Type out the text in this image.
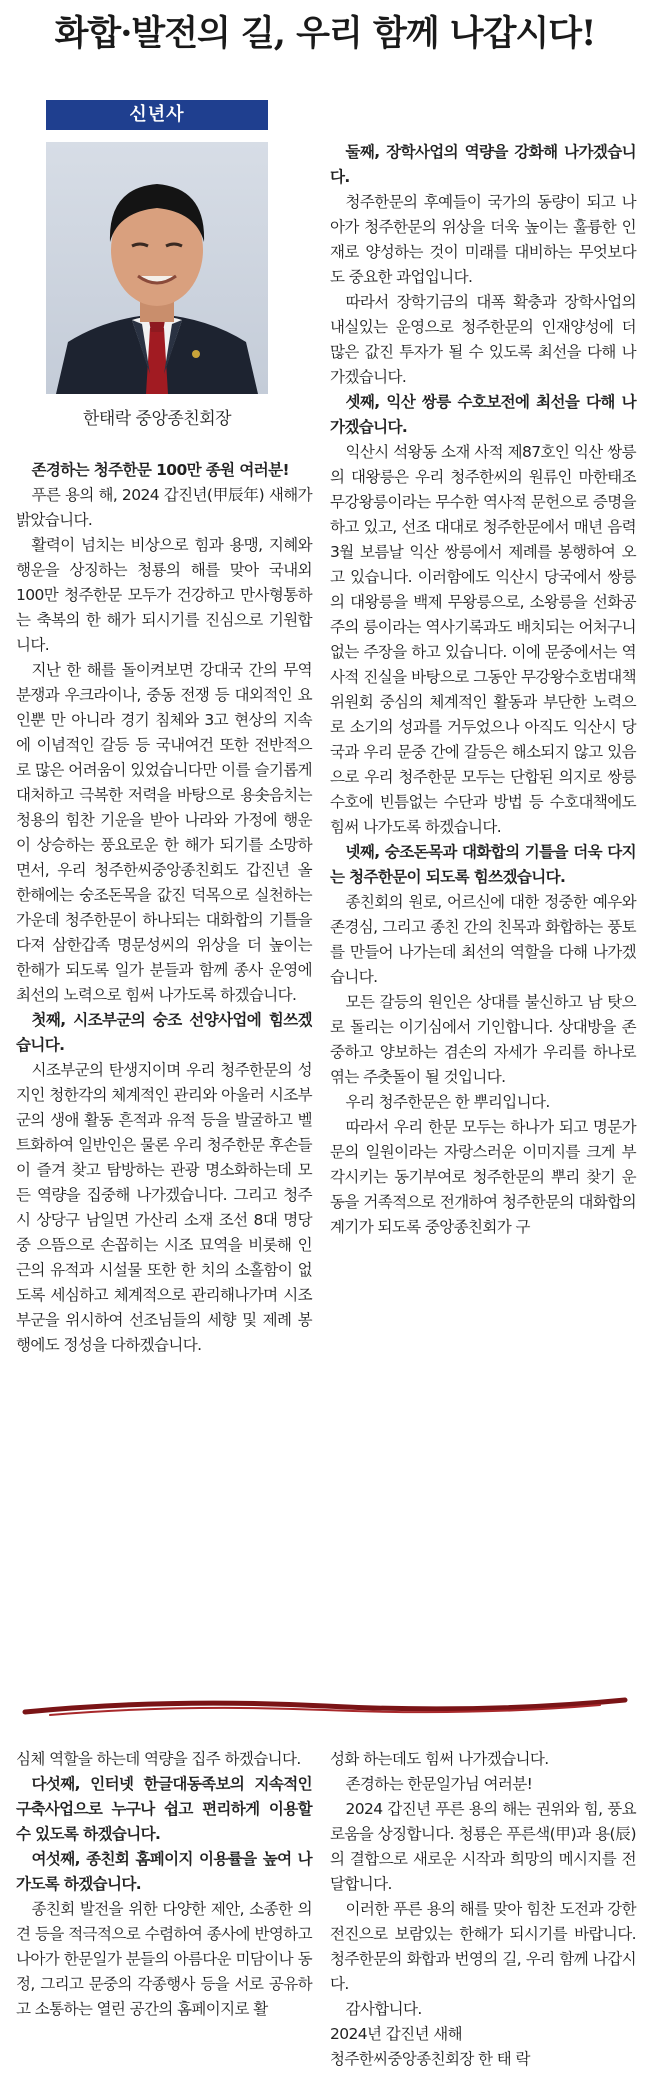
화합·발전의 길, 우리 함께 나갑시다!
신년사
한태락 중앙종친회장

존경하는 청주한문 100만 종원 여러분!

푸른 용의 해, 2024 갑진년(甲辰年) 새해가 밝았습니다.

활력이 넘치는 비상으로 힘과 용맹, 지혜와 행운을 상징하는 청룡의 해를 맞아 국내외 100만 청주한문 모두가 건강하고 만사형통하는 축복의 한 해가 되시기를 진심으로 기원합니다.

지난 한 해를 돌이켜보면 강대국 간의 무역 분쟁과 우크라이나, 중동 전쟁 등 대외적인 요인뿐 만 아니라 경기 침체와 3고 현상의 지속에 이념적인 갈등 등 국내여건 또한 전반적으로 많은 어려움이 있었습니다만 이를 슬기롭게 대처하고 극복한 저력을 바탕으로 용솟음치는 청용의 힘찬 기운을 받아 나라와 가정에 행운이 상승하는 풍요로운 한 해가 되기를 소망하면서, 우리 청주한씨중앙종친회도 갑진년 올 한해에는 숭조돈목을 값진 덕목으로 실천하는 가운데 청주한문이 하나되는 대화합의 기틀을 다져 삼한갑족 명문성씨의 위상을 더 높이는 한해가 되도록 일가 분들과 함께 종사 운영에 최선의 노력으로 힘써 나가도록 하겠습니다.

첫째, 시조부군의 숭조 선양사업에 힘쓰겠습니다.

시조부군의 탄생지이며 우리 청주한문의 성지인 청한각의 체계적인 관리와 아울러 시조부군의 생애 활동 흔적과 유적 등을 발굴하고 벨트화하여 일반인은 물론 우리 청주한문 후손들이 즐겨 찾고 탐방하는 관광 명소화하는데 모든 역량을 집중해 나가겠습니다. 그리고 청주시 상당구 남일면 가산리 소재 조선 8대 명당 중 으뜸으로 손꼽히는 시조 묘역을 비롯해 인근의 유적과 시설물 또한 한 치의 소홀함이 없도록 세심하고 체계적으로 관리해나가며 시조부군을 위시하여 선조님들의 세향 및 제례 봉행에도 정성을 다하겠습니다.

둘째, 장학사업의 역량을 강화해 나가겠습니다.

청주한문의 후예들이 국가의 동량이 되고 나아가 청주한문의 위상을 더욱 높이는 훌륭한 인재로 양성하는 것이 미래를 대비하는 무엇보다도 중요한 과업입니다.

따라서 장학기금의 대폭 확충과 장학사업의 내실있는 운영으로 청주한문의 인재양성에 더 많은 값진 투자가 될 수 있도록 최선을 다해 나가겠습니다.

셋째, 익산 쌍릉 수호보전에 최선을 다해 나가겠습니다.

익산시 석왕동 소재 사적 제87호인 익산 쌍릉의 대왕릉은 우리 청주한씨의 원류인 마한태조무강왕릉이라는 무수한 역사적 문헌으로 증명을 하고 있고, 선조 대대로 청주한문에서 매년 음력 3월 보름날 익산 쌍릉에서 제례를 봉행하여 오고 있습니다. 이러함에도 익산시 당국에서 쌍릉의 대왕릉을 백제 무왕릉으로, 소왕릉을 선화공주의 릉이라는 역사기록과도 배치되는 어처구니없는 주장을 하고 있습니다. 이에 문중에서는 역사적 진실을 바탕으로 그동안 무강왕수호범대책위원회 중심의 체계적인 활동과 부단한 노력으로 소기의 성과를 거두었으나 아직도 익산시 당국과 우리 문중 간에 갈등은 해소되지 않고 있음으로 우리 청주한문 모두는 단합된 의지로 쌍릉수호에 빈틈없는 수단과 방법 등 수호대책에도 힘써 나가도록 하겠습니다.

넷째, 숭조돈목과 대화합의 기틀을 더욱 다지는 청주한문이 되도록 힘쓰겠습니다.

종친회의 원로, 어르신에 대한 정중한 예우와 존경심, 그리고 종친 간의 친목과 화합하는 풍토를 만들어 나가는데 최선의 역할을 다해 나가겠습니다.

모든 갈등의 원인은 상대를 불신하고 남 탓으로 돌리는 이기심에서 기인합니다. 상대방을 존중하고 양보하는 겸손의 자세가 우리를 하나로 엮는 주춧돌이 될 것입니다.

우리 청주한문은 한 뿌리입니다.

따라서 우리 한문 모두는 하나가 되고 명문가문의 일원이라는 자랑스러운 이미지를 크게 부각시키는 동기부여로 청주한문의 뿌리 찾기 운동을 거족적으로 전개하여 청주한문의 대화합의 계기가 되도록 중앙종친회가 구

심체 역할을 하는데 역량을 집주 하겠습니다.

다섯째, 인터넷 한글대동족보의 지속적인 구축사업으로 누구나 쉽고 편리하게 이용할 수 있도록 하겠습니다.

여섯째, 종친회 홈페이지 이용률을 높여 나가도록 하겠습니다.

종친회 발전을 위한 다양한 제안, 소종한 의견 등을 적극적으로 수렴하여 종사에 반영하고 나아가 한문일가 분들의 아름다운 미담이나 동정, 그리고 문중의 각종행사 등을 서로 공유하고 소통하는 열린 공간의 홈페이지로 활

성화 하는데도 힘써 나가겠습니다.

존경하는 한문일가님 여러분!

2024 갑진년 푸른 용의 해는 권위와 힘, 풍요로움을 상징합니다. 청룡은 푸른색(甲)과 용(辰)의 결합으로 새로운 시작과 희망의 메시지를 전달합니다.

이러한 푸른 용의 해를 맞아 힘찬 도전과 강한 전진으로 보람있는 한해가 되시기를 바랍니다. 청주한문의 화합과 번영의 길, 우리 함께 나갑시다.

감사합니다.

2024년 갑진년 새해

청주한씨중앙종친회장 한 태 락
